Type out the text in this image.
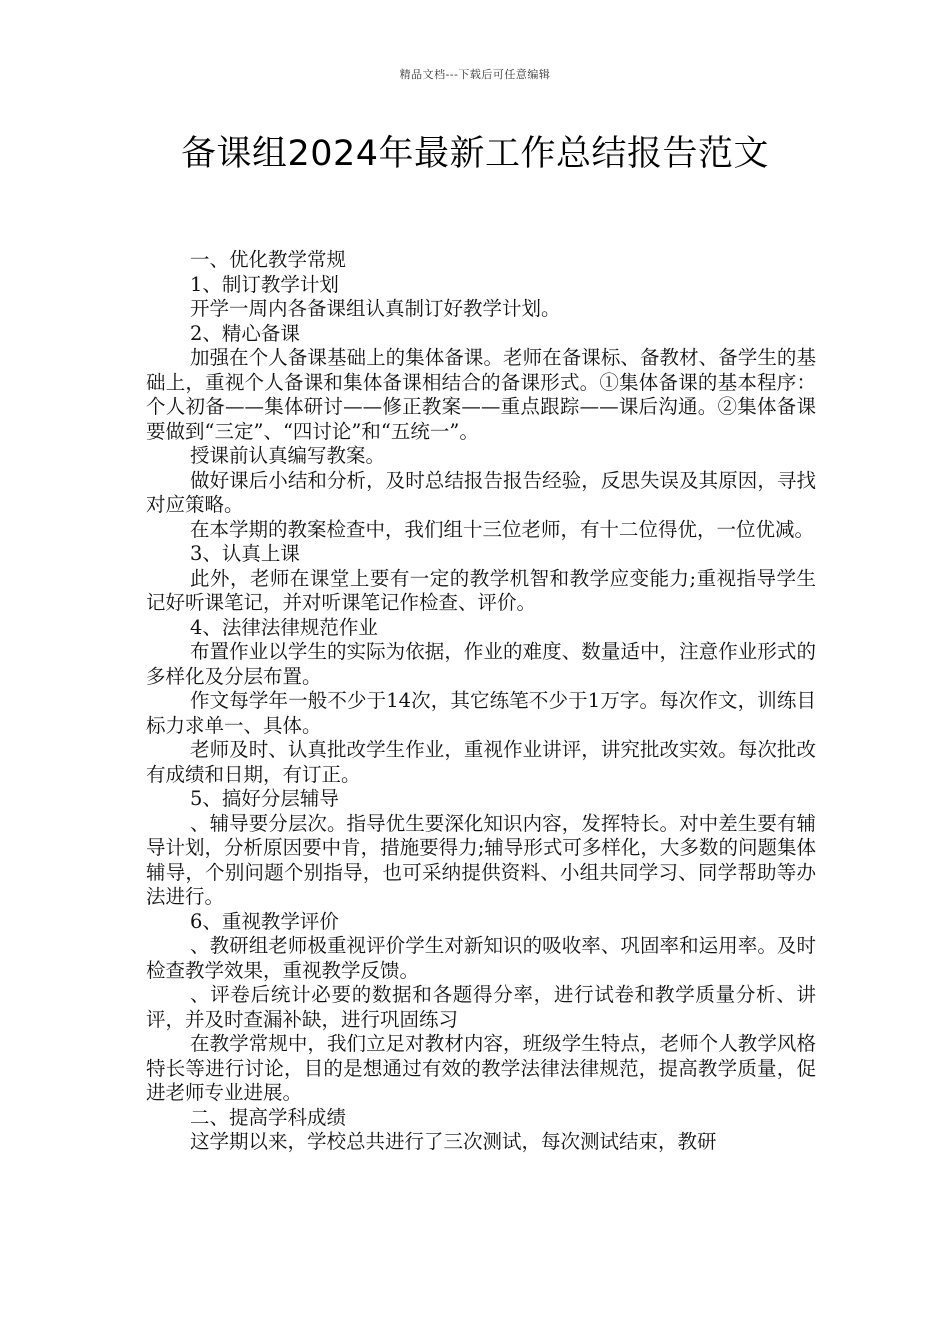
精品文档---下载后可任意编辑
备课组2024年最新工作总结报告范文

一、优化教学常规

1、制订教学计划

开学一周内各备课组认真制订好教学计划。

2、精心备课

加强在个人备课基础上的集体备课。老师在备课标、备教材、备学生的基础上，重视个人备课和集体备课相结合的备课形式。①集体备课的基本程序：个人初备——集体研讨——修正教案——重点跟踪——课后沟通。②集体备课要做到“三定”、“四讨论”和“五统一”。

授课前认真编写教案。

做好课后小结和分析，及时总结报告报告经验，反思失误及其原因，寻找对应策略。

在本学期的教案检查中，我们组十三位老师，有十二位得优，一位优减。

3、认真上课

此外，老师在课堂上要有一定的教学机智和教学应变能力;重视指导学生记好听课笔记，并对听课笔记作检查、评价。

4、法律法律规范作业

布置作业以学生的实际为依据，作业的难度、数量适中，注意作业形式的多样化及分层布置。

作文每学年一般不少于14次，其它练笔不少于1万字。每次作文，训练目标力求单一、具体。

老师及时、认真批改学生作业，重视作业讲评，讲究批改实效。每次批改有成绩和日期，有订正。

5、搞好分层辅导

、辅导要分层次。指导优生要深化知识内容，发挥特长。对中差生要有辅导计划，分析原因要中肯，措施要得力;辅导形式可多样化，大多数的问题集体辅导，个别问题个别指导，也可采纳提供资料、小组共同学习、同学帮助等办法进行。

6、重视教学评价

、教研组老师极重视评价学生对新知识的吸收率、巩固率和运用率。及时检查教学效果，重视教学反馈。

、评卷后统计必要的数据和各题得分率，进行试卷和教学质量分析、讲评，并及时查漏补缺，进行巩固练习

在教学常规中，我们立足对教材内容，班级学生特点，老师个人教学风格特长等进行讨论，目的是想通过有效的教学法律法律规范，提高教学质量，促进老师专业进展。

二、提高学科成绩

这学期以来，学校总共进行了三次测试，每次测试结束，教研
